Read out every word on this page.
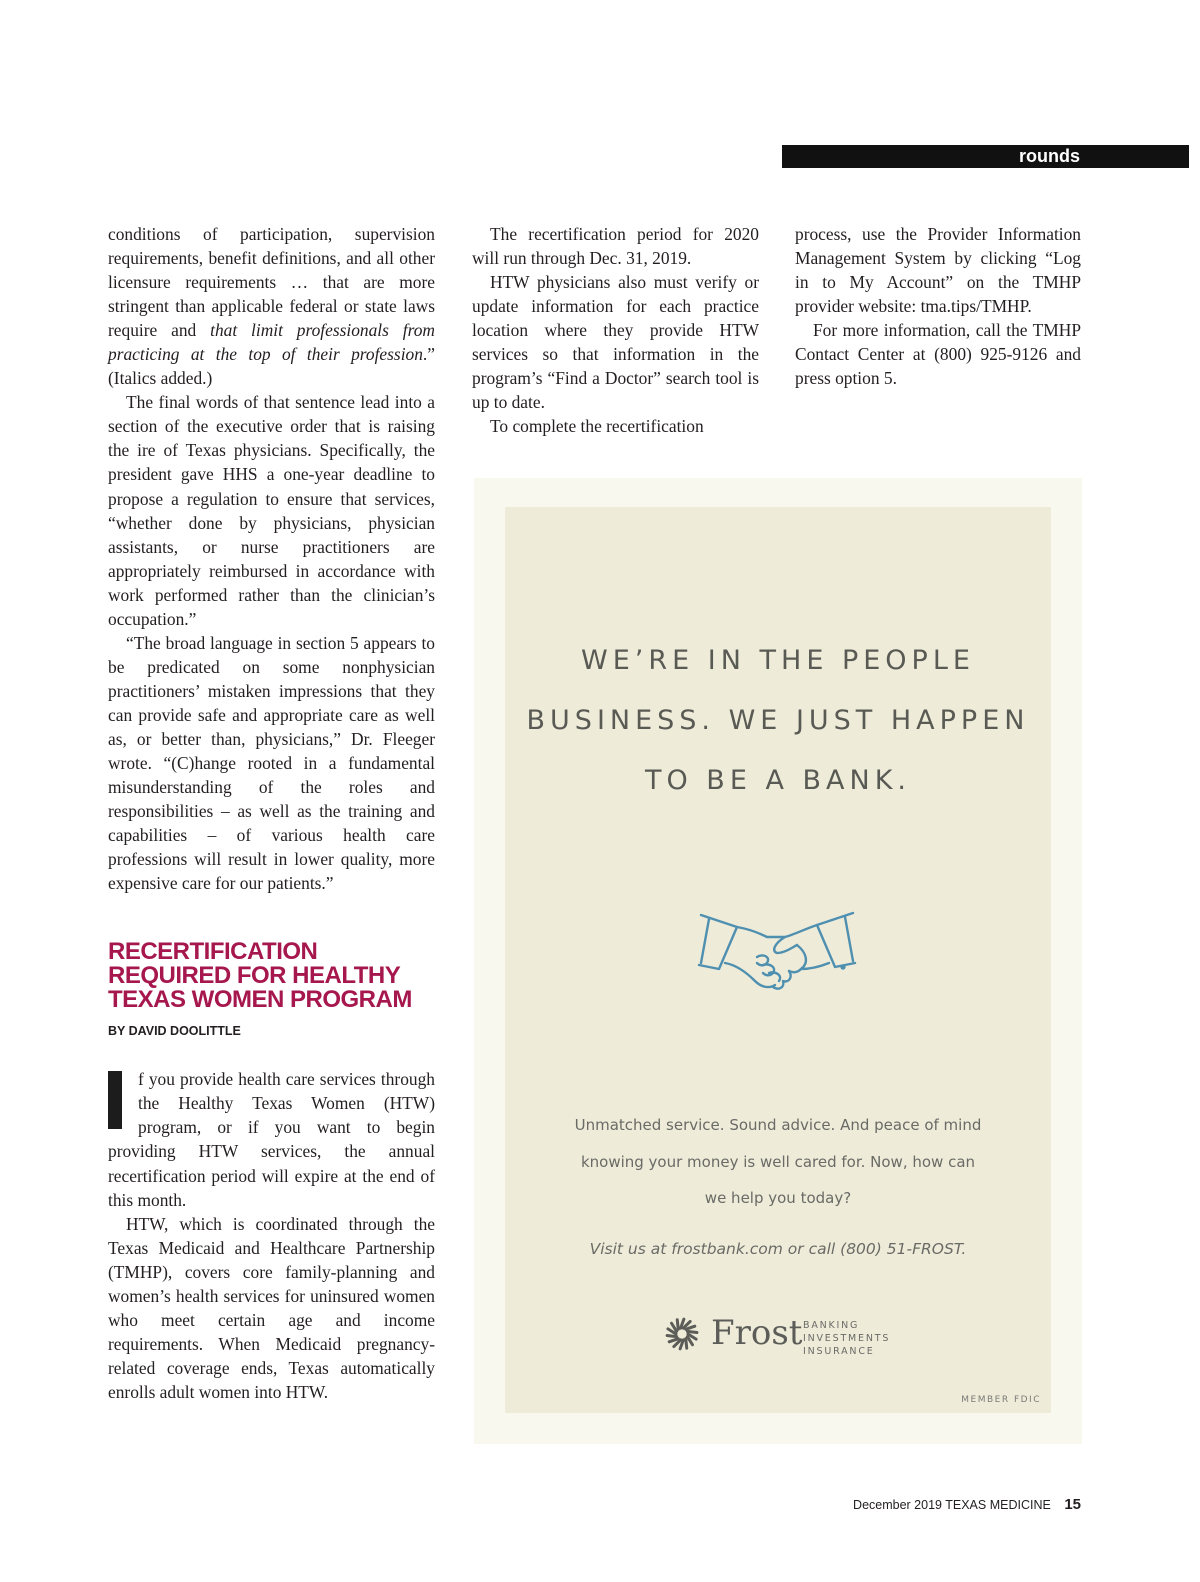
rounds

conditions of participation, supervision requirements, benefit definitions, and all other licensure requirements … that are more stringent than applicable federal or state laws require and that limit professionals from practicing at the top of their profession.” (Italics added.)

The final words of that sentence lead into a section of the executive order that is raising the ire of Texas physicians. Specifically, the president gave HHS a one-year deadline to propose a regulation to ensure that services, “whether done by physicians, physician assistants, or nurse practitioners are appropriately reimbursed in accordance with work performed rather than the clinician’s occupation.”

“The broad language in section 5 appears to be predicated on some nonphysician practitioners’ mistaken impressions that they can provide safe and appropriate care as well as, or better than, physicians,” Dr. Fleeger wrote. “(C)hange rooted in a fundamental misunderstanding of the roles and responsibilities – as well as the training and capabilities – of various health care professions will result in lower quality, more expensive care for our patients.”

RECERTIFICATION
REQUIRED FOR HEALTHY
TEXAS WOMEN PROGRAM
BY DAVID DOOLITTLE

f you provide health care services through the Healthy Texas Women (HTW) program, or if you want to begin providing HTW services, the annual recertification period will expire at the end of this month.

HTW, which is coordinated through the Texas Medicaid and Healthcare Partnership (TMHP), covers core family-planning and women’s health services for uninsured women who meet certain age and income requirements. When Medicaid pregnancy-related coverage ends, Texas automatically enrolls adult women into HTW.

The recertification period for 2020 will run through Dec. 31, 2019.

HTW physicians also must verify or update information for each practice location where they provide HTW services so that information in the program’s “Find a Doctor” search tool is up to date.

To complete the recertification

process, use the Provider Information Management System by clicking “Log in to My Account” on the TMHP provider website: tma.tips/TMHP.

For more information, call the TMHP Contact Center at (800) 925-9126 and press option 5.

WE’RE IN THE PEOPLE
BUSINESS. WE JUST HAPPEN
TO BE A BANK.
Unmatched service. Sound advice. And peace of mind
knowing your money is well cared for. Now, how can
we help you today?
Visit us at frostbank.com or call (800) 51-FROST.
Frost BANKING
INVESTMENTS
INSURANCE
MEMBER FDIC
December 2019 TEXAS MEDICINE 15
